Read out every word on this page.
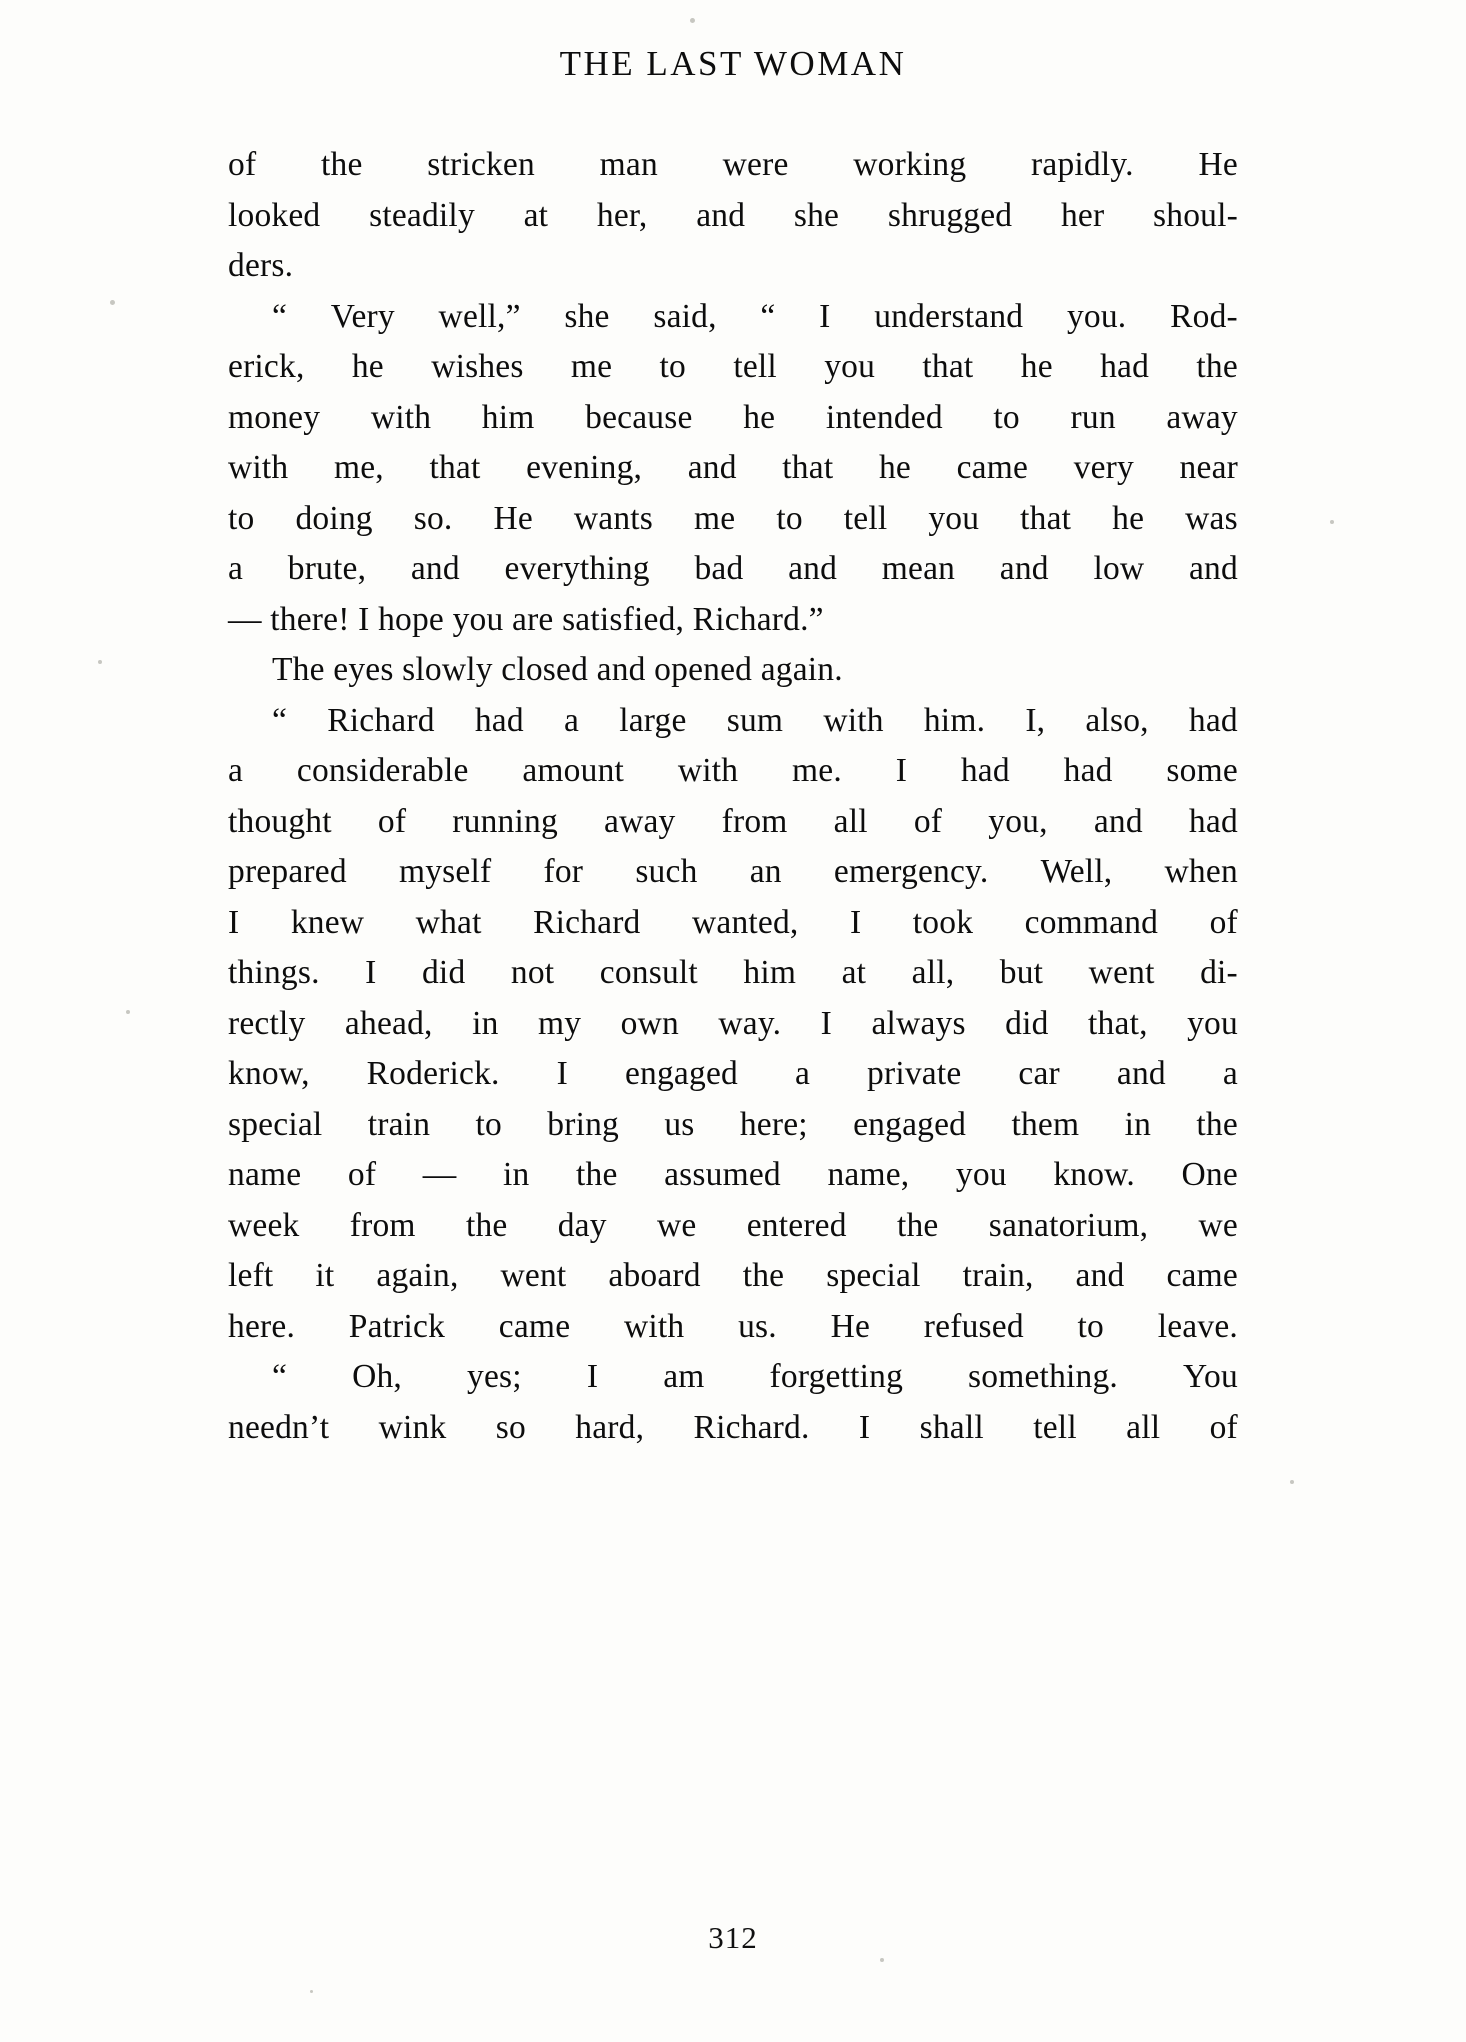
THE LAST WOMAN

of the stricken man were working rapidly. He
looked steadily at her, and she shrugged her shoul-
ders.

“ Very well,” she said, “ I understand you. Rod-
erick, he wishes me to tell you that he had the
money with him because he intended to run away
with me, that evening, and that he came very near
to doing so. He wants me to tell you that he was
a brute, and everything bad and mean and low and
— there! I hope you are satisfied, Richard.”

The eyes slowly closed and opened again.

“ Richard had a large sum with him. I, also, had
a considerable amount with me. I had had some
thought of running away from all of you, and had
prepared myself for such an emergency. Well, when
I knew what Richard wanted, I took command of
things. I did not consult him at all, but went di-
rectly ahead, in my own way. I always did that, you
know, Roderick. I engaged a private car and a
special train to bring us here; engaged them in the
name of — in the assumed name, you know. One
week from the day we entered the sanatorium, we
left it again, went aboard the special train, and came
here. Patrick came with us. He refused to leave.

“ Oh, yes; I am forgetting something. You
needn’t wink so hard, Richard. I shall tell all of

312
